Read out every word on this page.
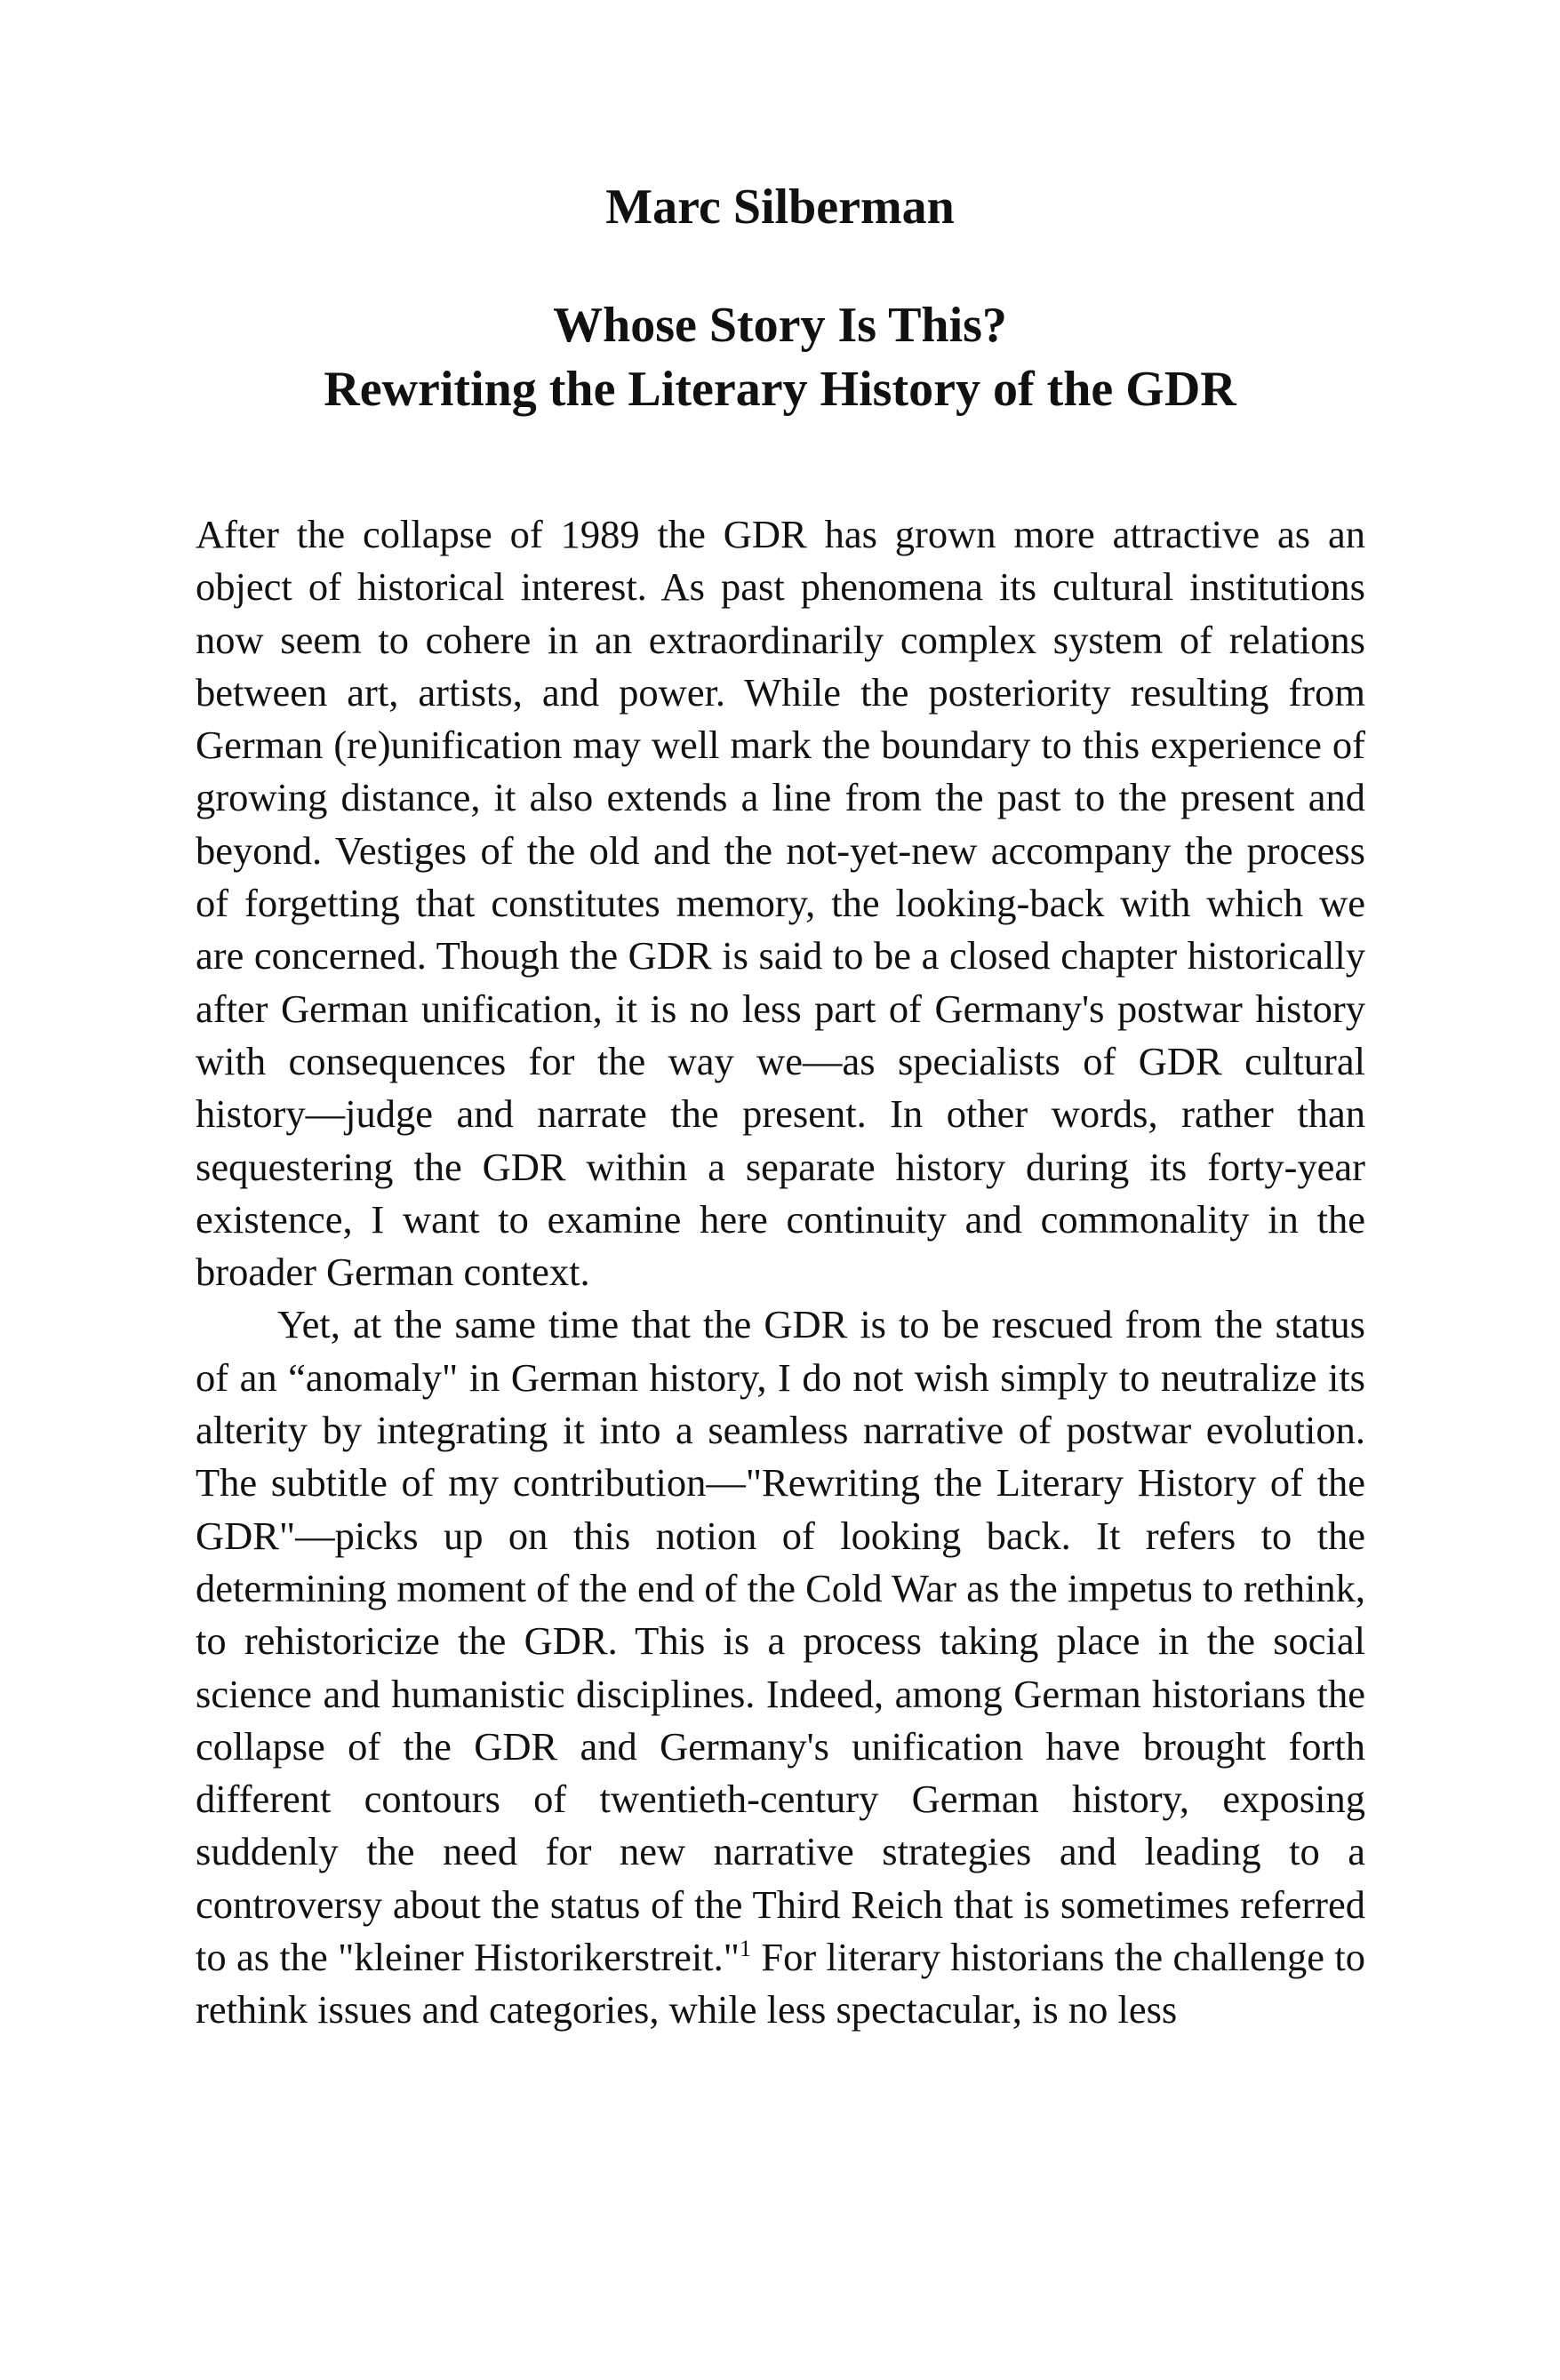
Marc Silberman
Whose Story Is This?
Rewriting the Literary History of the GDR

After the collapse of 1989 the GDR has grown more attractive as an object of historical interest. As past phenomena its cultural institutions now seem to cohere in an extraordinarily complex system of relations between art, artists, and power. While the posteriority resulting from German (re)unification may well mark the boundary to this experience of growing distance, it also extends a line from the past to the present and beyond. Vestiges of the old and the not-yet-new accompany the process of forgetting that constitutes memory, the looking-back with which we are concerned. Though the GDR is said to be a closed chapter historically after German unification, it is no less part of Germany's postwar history with consequences for the way we—as specialists of GDR cultural history—judge and narrate the present. In other words, rather than sequestering the GDR within a separate history during its forty-year existence, I want to examine here continuity and commonality in the broader German context.

Yet, at the same time that the GDR is to be rescued from the status of an “anomaly" in German history, I do not wish simply to neutralize its alterity by integrating it into a seamless narrative of postwar evolution. The subtitle of my contribution—"Rewriting the Literary History of the GDR"—picks up on this notion of looking back. It refers to the determining moment of the end of the Cold War as the impetus to rethink, to rehistoricize the GDR. This is a process taking place in the social science and humanistic disciplines. Indeed, among German historians the collapse of the GDR and Germany's unification have brought forth different contours of twentieth-century German history, exposing suddenly the need for new narrative strategies and leading to a controversy about the status of the Third Reich that is sometimes referred to as the "kleiner Historikerstreit."$^1$ For literary historians the challenge to rethink issues and categories, while less spectacular, is no less
